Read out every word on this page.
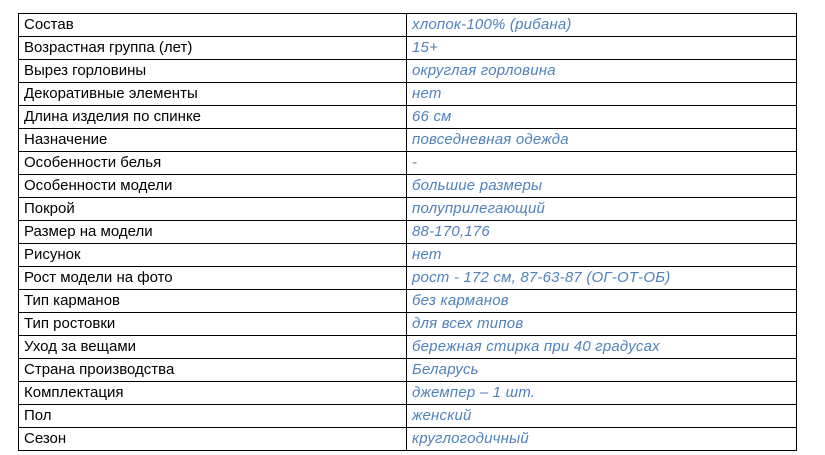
Состав	хлопок-100% (рибана)
Возрастная группа (лет)	15+
Вырез горловины	округлая горловина
Декоративные элементы	нет
Длина изделия по спинке	66 см
Назначение	повседневная одежда
Особенности белья	-
Особенности модели	большие размеры
Покрой	полуприлегающий
Размер на модели	88-170,176
Рисунок	нет
Рост модели на фото	рост - 172 см, 87-63-87 (ОГ-ОТ-ОБ)
Тип карманов	без карманов
Тип ростовки	для всех типов
Уход за вещами	бережная стирка при 40 градусах
Страна производства	Беларусь
Комплектация	джемпер – 1 шт.
Пол	женский
Сезон	круглогодичный
